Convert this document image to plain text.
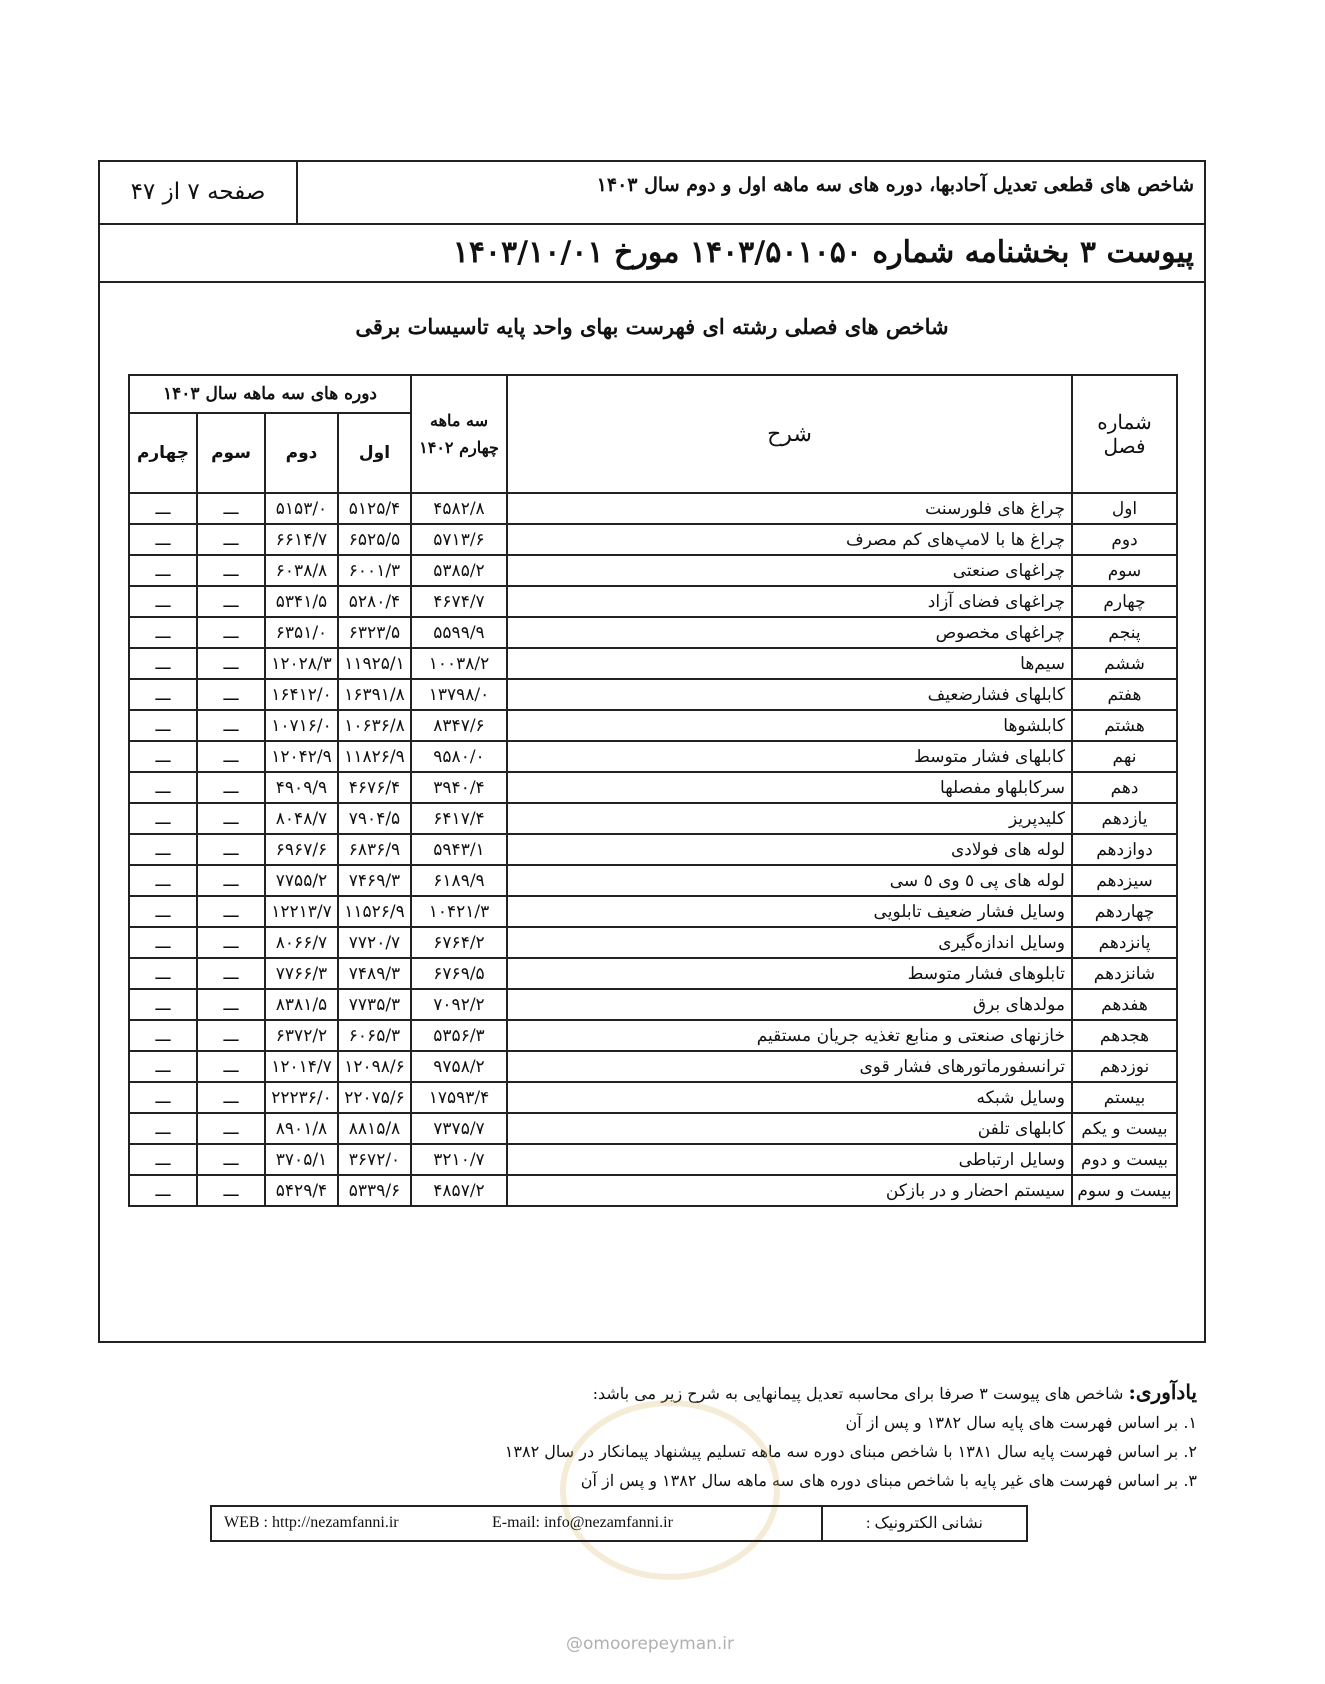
شاخص های قطعی تعدیل آحادبها، دوره های سه ماهه اول و دوم سال ۱۴۰۳
صفحه ۷ از ۴۷
پیوست ۳ بخشنامه شماره ۱۴۰۳/۵۰۱۰۵۰ مورخ ۱۴۰۳/۱۰/۰۱
شاخص های فصلی رشته ای فهرست بهای واحد پایه تاسیسات برقی
شماره فصل	شرح	سه ماهه چهارم ۱۴۰۲	دوره های سه ماهه سال ۱۴۰۳			
			اول	دوم	سوم	چهارم
اول	چراغ های فلورسنت	۴۵۸۲/۸	۵۱۲۵/۴	۵۱۵۳/۰	ـــ	ـــ
دوم	چراغ ها با لامپ‌های کم مصرف	۵۷۱۳/۶	۶۵۲۵/۵	۶۶۱۴/۷	ـــ	ـــ
سوم	چراغهای صنعتی	۵۳۸۵/۲	۶۰۰۱/۳	۶۰۳۸/۸	ـــ	ـــ
چهارم	چراغهای فضای آزاد	۴۶۷۴/۷	۵۲۸۰/۴	۵۳۴۱/۵	ـــ	ـــ
پنجم	چراغهای مخصوص	۵۵۹۹/۹	۶۳۲۳/۵	۶۳۵۱/۰	ـــ	ـــ
ششم	سیم‌ها	۱۰۰۳۸/۲	۱۱۹۲۵/۱	۱۲۰۲۸/۳	ـــ	ـــ
هفتم	کابلهای فشارضعیف	۱۳۷۹۸/۰	۱۶۳۹۱/۸	۱۶۴۱۲/۰	ـــ	ـــ
هشتم	کابلشوها	۸۳۴۷/۶	۱۰۶۳۶/۸	۱۰۷۱۶/۰	ـــ	ـــ
نهم	کابلهای فشار متوسط	۹۵۸۰/۰	۱۱۸۲۶/۹	۱۲۰۴۲/۹	ـــ	ـــ
دهم	سرکابلهاو مفصلها	۳۹۴۰/۴	۴۶۷۶/۴	۴۹۰۹/۹	ـــ	ـــ
یازدهم	کلیدپریز	۶۴۱۷/۴	۷۹۰۴/۵	۸۰۴۸/۷	ـــ	ـــ
دوازدهم	لوله های فولادی	۵۹۴۳/۱	۶۸۳۶/۹	۶۹۶۷/۶	ـــ	ـــ
سیزدهم	لوله های پی ٥ وی ٥ سی	۶۱۸۹/۹	۷۴۶۹/۳	۷۷۵۵/۲	ـــ	ـــ
چهاردهم	وسایل فشار ضعیف تابلویی	۱۰۴۲۱/۳	۱۱۵۲۶/۹	۱۲۲۱۳/۷	ـــ	ـــ
پانزدهم	وسایل اندازه‌گیری	۶۷۶۴/۲	۷۷۲۰/۷	۸۰۶۶/۷	ـــ	ـــ
شانزدهم	تابلوهای فشار متوسط	۶۷۶۹/۵	۷۴۸۹/۳	۷۷۶۶/۳	ـــ	ـــ
هفدهم	مولدهای برق	۷۰۹۲/۲	۷۷۳۵/۳	۸۳۸۱/۵	ـــ	ـــ
هجدهم	خازنهای صنعتی و منابع تغذیه جریان مستقیم	۵۳۵۶/۳	۶۰۶۵/۳	۶۳۷۲/۲	ـــ	ـــ
نوزدهم	ترانسفورماتورهای فشار قوی	۹۷۵۸/۲	۱۲۰۹۸/۶	۱۲۰۱۴/۷	ـــ	ـــ
بیستم	وسایل شبکه	۱۷۵۹۳/۴	۲۲۰۷۵/۶	۲۲۲۳۶/۰	ـــ	ـــ
بیست و یکم	کابلهای تلفن	۷۳۷۵/۷	۸۸۱۵/۸	۸۹۰۱/۸	ـــ	ـــ
بیست و دوم	وسایل ارتباطی	۳۲۱۰/۷	۳۶۷۲/۰	۳۷۰۵/۱	ـــ	ـــ
بیست و سوم	سیستم احضار و در بازکن	۴۸۵۷/۲	۵۳۳۹/۶	۵۴۲۹/۴	ـــ	ـــ
یادآوری: شاخص های پیوست ۳ صرفا برای محاسبه تعدیل پیمانهایی به شرح زیر می باشد:
۱. بر اساس فهرست های پایه سال ۱۳۸۲ و پس از آن
۲. بر اساس فهرست پایه سال ۱۳۸۱ با شاخص مبنای دوره سه ماهه تسلیم پیشنهاد پیمانکار در سال ۱۳۸۲
۳. بر اساس فهرست های غیر پایه با شاخص مبنای دوره های سه ماهه سال ۱۳۸۲ و پس از آن
نشانی الکترونیک :
WEB : http://nezamfanni.ir	E-mail: info@nezamfanni.ir
@omoorepeyman.ir
